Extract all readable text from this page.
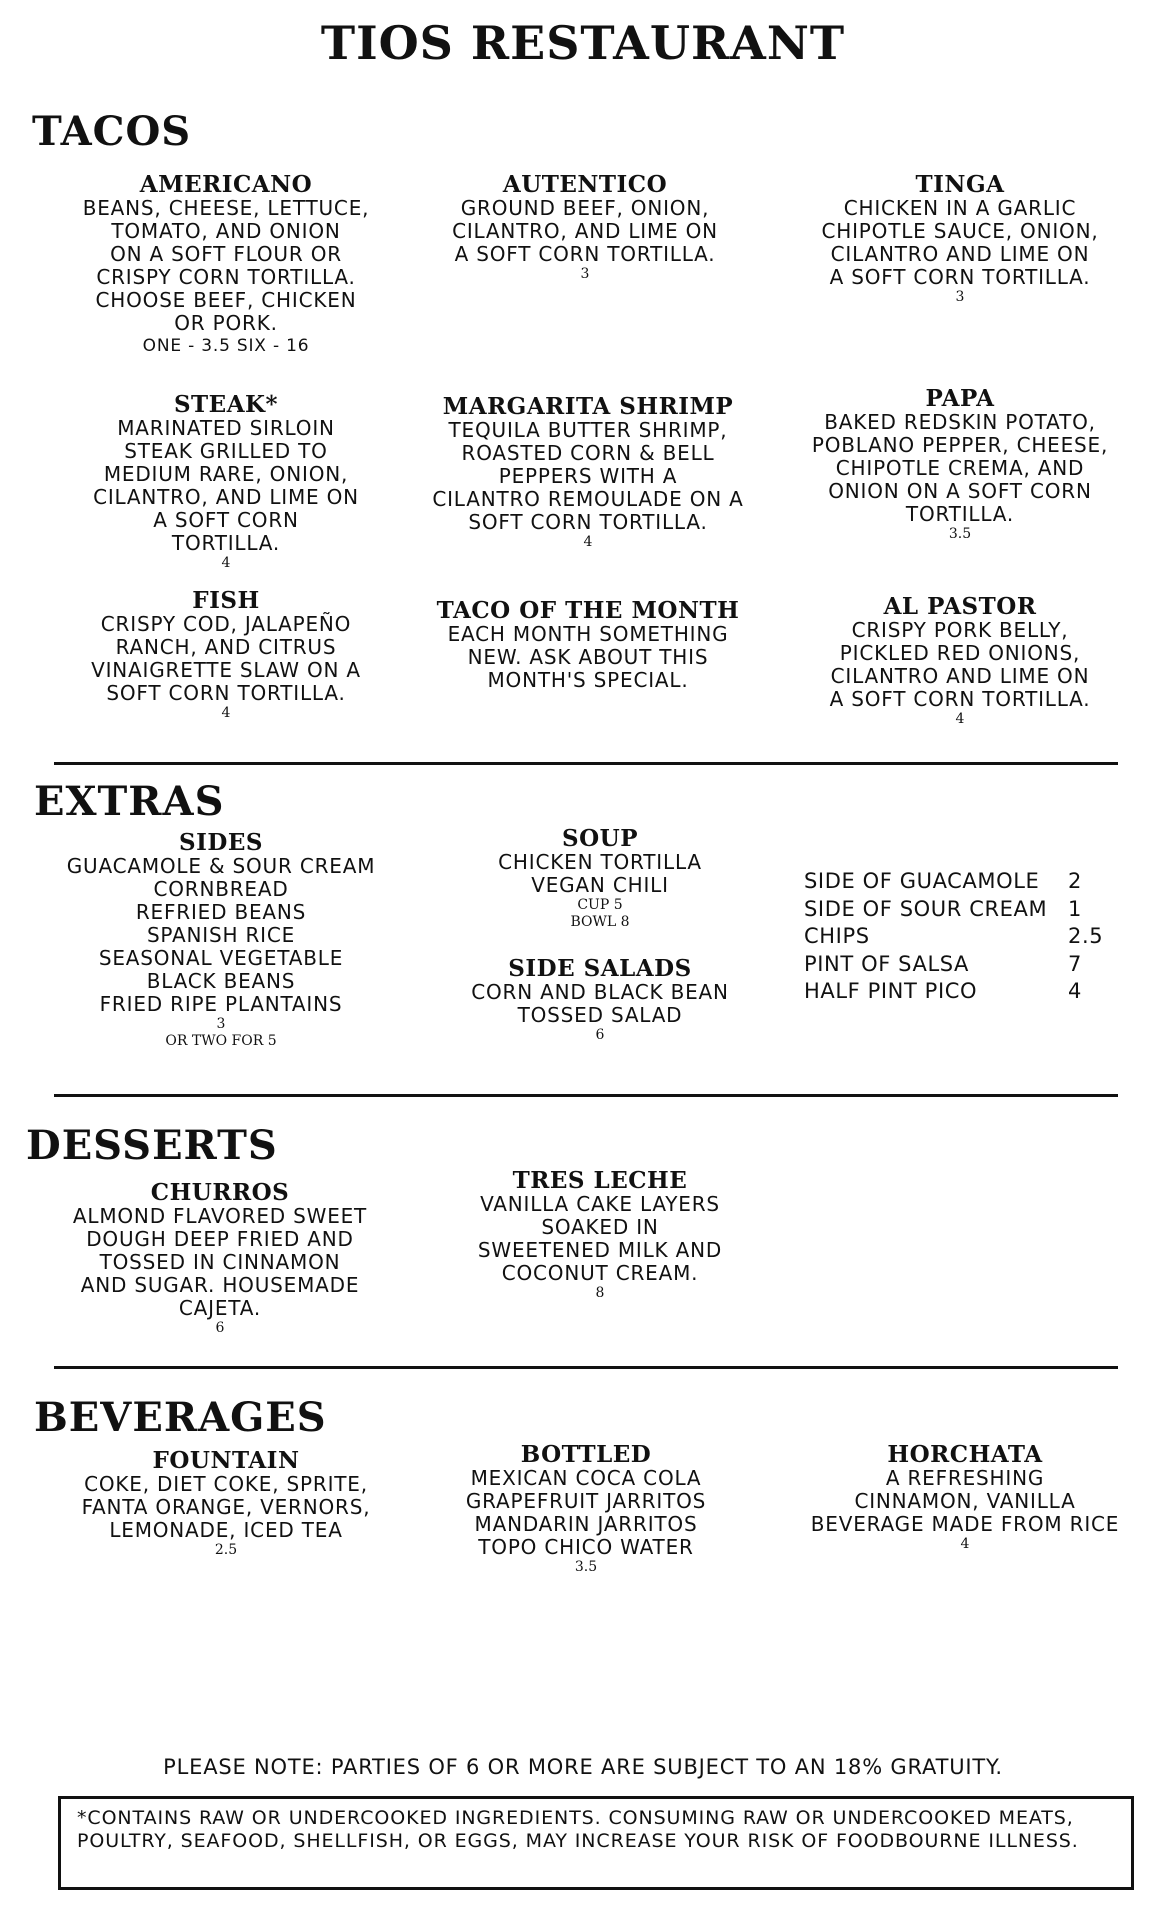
TIOS RESTAURANT
TACOS
AMERICANO
BEANS, CHEESE, LETTUCE,
TOMATO, AND ONION
ON A SOFT FLOUR OR
CRISPY CORN TORTILLA.
CHOOSE BEEF, CHICKEN
OR PORK.
ONE - 3.5 SIX - 16
AUTENTICO
GROUND BEEF, ONION,
CILANTRO, AND LIME ON
A SOFT CORN TORTILLA.
3
TINGA
CHICKEN IN A GARLIC
CHIPOTLE SAUCE, ONION,
CILANTRO AND LIME ON
A SOFT CORN TORTILLA.
3
STEAK*
MARINATED SIRLOIN
STEAK GRILLED TO
MEDIUM RARE, ONION,
CILANTRO, AND LIME ON
A SOFT CORN
TORTILLA.
4
MARGARITA SHRIMP
TEQUILA BUTTER SHRIMP,
ROASTED CORN & BELL
PEPPERS WITH A
CILANTRO REMOULADE ON A
SOFT CORN TORTILLA.
4
PAPA
BAKED REDSKIN POTATO,
POBLANO PEPPER, CHEESE,
CHIPOTLE CREMA, AND
ONION ON A SOFT CORN
TORTILLA.
3.5
FISH
CRISPY COD, JALAPEÑO
RANCH, AND CITRUS
VINAIGRETTE SLAW ON A
SOFT CORN TORTILLA.
4
TACO OF THE MONTH
EACH MONTH SOMETHING
NEW. ASK ABOUT THIS
MONTH'S SPECIAL.
AL PASTOR
CRISPY PORK BELLY,
PICKLED RED ONIONS,
CILANTRO AND LIME ON
A SOFT CORN TORTILLA.
4
EXTRAS
SIDES
GUACAMOLE & SOUR CREAM
CORNBREAD
REFRIED BEANS
SPANISH RICE
SEASONAL VEGETABLE
BLACK BEANS
FRIED RIPE PLANTAINS
3
OR TWO FOR 5
SOUP
CHICKEN TORTILLA
VEGAN CHILI
CUP 5
BOWL 8
SIDE SALADS
CORN AND BLACK BEAN
TOSSED SALAD
6
SIDE OF GUACAMOLE 2
SIDE OF SOUR CREAM 1
CHIPS	2.5
PINT OF SALSA	7
HALF PINT PICO	4
DESSERTS
CHURROS
ALMOND FLAVORED SWEET
DOUGH DEEP FRIED AND
TOSSED IN CINNAMON
AND SUGAR. HOUSEMADE
CAJETA.
6
TRES LECHE
VANILLA CAKE LAYERS
SOAKED IN
SWEETENED MILK AND
COCONUT CREAM.
8
BEVERAGES
FOUNTAIN
COKE, DIET COKE, SPRITE,
FANTA ORANGE, VERNORS,
LEMONADE, ICED TEA
2.5
BOTTLED
MEXICAN COCA COLA
GRAPEFRUIT JARRITOS
MANDARIN JARRITOS
TOPO CHICO WATER
3.5
HORCHATA
A REFRESHING
CINNAMON, VANILLA
BEVERAGE MADE FROM RICE
4
PLEASE NOTE: PARTIES OF 6 OR MORE ARE SUBJECT TO AN 18% GRATUITY.
*CONTAINS RAW OR UNDERCOOKED INGREDIENTS. CONSUMING RAW OR UNDERCOOKED MEATS, POULTRY, SEAFOOD, SHELLFISH, OR EGGS, MAY INCREASE YOUR RISK OF FOODBOURNE ILLNESS.
